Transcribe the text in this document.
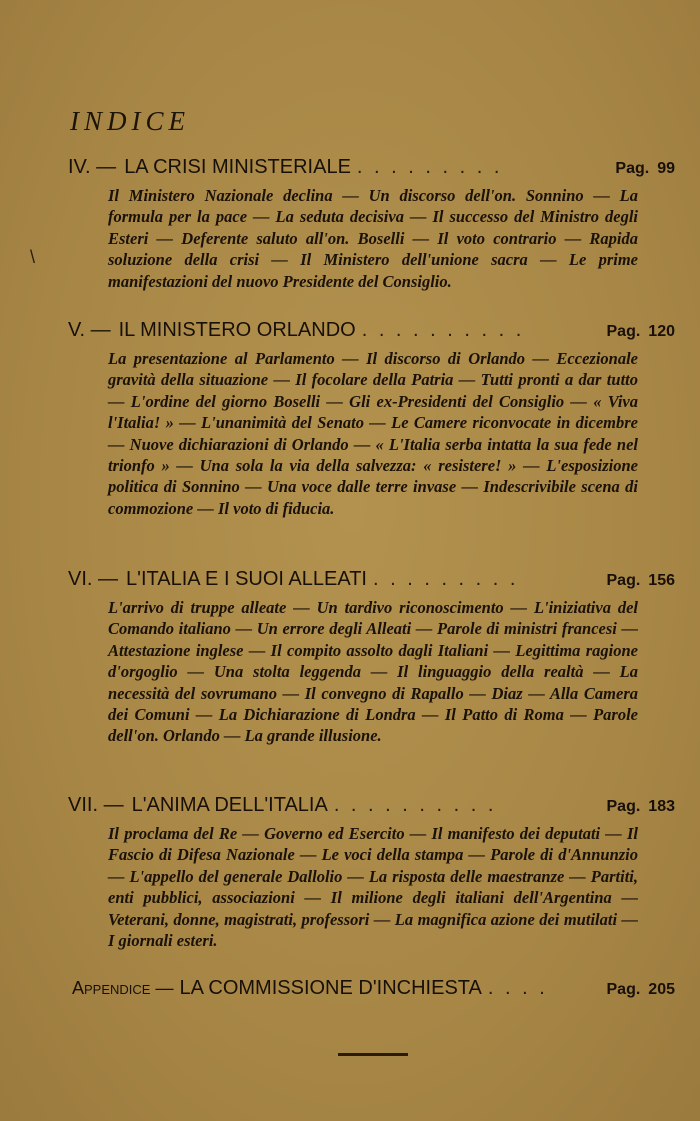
INDICE
\
IV. — LA CRISI MINISTERIALE . . . . . . . . .	Pag. 99
Il Ministero Nazionale declina — Un discorso dell'on. Sonnino — La formula per la pace — La seduta decisiva — Il successo del Ministro degli Esteri — Deferente saluto all'on. Boselli — Il voto contrario — Rapida soluzione della crisi — Il Ministero dell'unione sacra — Le prime manifestazioni del nuovo Presidente del Consiglio.
V. — IL MINISTERO ORLANDO . . . . . . . . . .	Pag. 120
La presentazione al Parlamento — Il discorso di Orlando — Eccezionale gravità della situazione — Il focolare della Patria — Tutti pronti a dar tutto — L'ordine del giorno Boselli — Gli ex-Presidenti del Consiglio — « Viva l'Italia! » — L'unanimità del Senato — Le Camere riconvocate in dicembre — Nuove dichiarazioni di Orlando — « L'Italia serba intatta la sua fede nel trionfo » — Una sola la via della salvezza: « resistere! » — L'esposizione politica di Sonnino — Una voce dalle terre invase — Indescrivibile scena di commozione — Il voto di fiducia.
VI. — L'ITALIA E I SUOI ALLEATI . . . . . . . . .	Pag. 156
L'arrivo di truppe alleate — Un tardivo riconoscimento — L'iniziativa del Comando italiano — Un errore degli Alleati — Parole di ministri francesi — Attestazione inglese — Il compito assolto dagli Italiani — Legittima ragione d'orgoglio — Una stolta leggenda — Il linguaggio della realtà — La necessità del sovrumano — Il convegno di Rapallo — Diaz — Alla Camera dei Comuni — La Dichiarazione di Londra — Il Patto di Roma — Parole dell'on. Orlando — La grande illusione.
VII. — L'ANIMA DELL'ITALIA . . . . . . . . . .	Pag. 183
Il proclama del Re — Governo ed Esercito — Il manifesto dei deputati — Il Fascio di Difesa Nazionale — Le voci della stampa — Parole di d'Annunzio — L'appello del generale Dallolio — La risposta delle maestranze — Partiti, enti pubblici, associazioni — Il milione degli italiani dell'Argentina — Veterani, donne, magistrati, professori — La magnifica azione dei mutilati — I giornali esteri.
Appendice — LA COMMISSIONE D'INCHIESTA . . . .	Pag. 205
